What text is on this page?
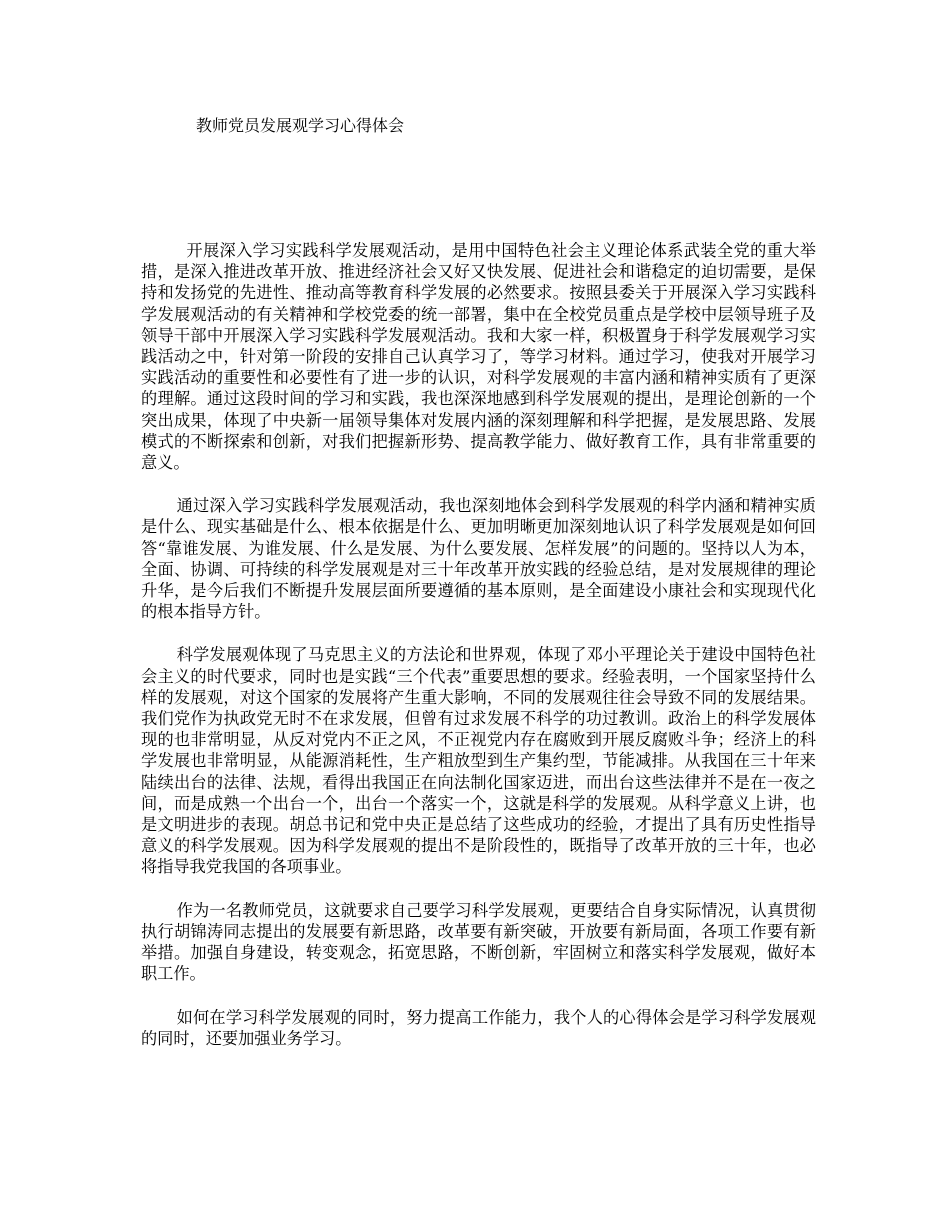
教师党员发展观学习心得体会

开展深入学习实践科学发展观活动，是用中国特色社会主义理论体系武装全党的重大举措，是深入推进改革开放、推进经济社会又好又快发展、促进社会和谐稳定的迫切需要，是保持和发扬党的先进性、推动高等教育科学发展的必然要求。按照县委关于开展深入学习实践科学发展观活动的有关精神和学校党委的统一部署，集中在全校党员重点是学校中层领导班子及领导干部中开展深入学习实践科学发展观活动。我和大家一样，积极置身于科学发展观学习实践活动之中，针对第一阶段的安排自己认真学习了，等学习材料。通过学习，使我对开展学习实践活动的重要性和必要性有了进一步的认识，对科学发展观的丰富内涵和精神实质有了更深的理解。通过这段时间的学习和实践，我也深深地感到科学发展观的提出，是理论创新的一个突出成果，体现了中央新一届领导集体对发展内涵的深刻理解和科学把握，是发展思路、发展模式的不断探索和创新，对我们把握新形势、提高教学能力、做好教育工作，具有非常重要的意义。

通过深入学习实践科学发展观活动，我也深刻地体会到科学发展观的科学内涵和精神实质是什么、现实基础是什么、根本依据是什么、更加明晰更加深刻地认识了科学发展观是如何回答“靠谁发展、为谁发展、什么是发展、为什么要发展、怎样发展”的问题的。坚持以人为本，全面、协调、可持续的科学发展观是对三十年改革开放实践的经验总结，是对发展规律的理论升华，是今后我们不断提升发展层面所要遵循的基本原则，是全面建设小康社会和实现现代化的根本指导方针。

科学发展观体现了马克思主义的方法论和世界观，体现了邓小平理论关于建设中国特色社会主义的时代要求，同时也是实践“三个代表”重要思想的要求。经验表明，一个国家坚持什么样的发展观，对这个国家的发展将产生重大影响，不同的发展观往往会导致不同的发展结果。我们党作为执政党无时不在求发展，但曾有过求发展不科学的功过教训。政治上的科学发展体现的也非常明显，从反对党内不正之风，不正视党内存在腐败到开展反腐败斗争；经济上的科学发展也非常明显，从能源消耗性，生产粗放型到生产集约型，节能减排。从我国在三十年来陆续出台的法律、法规，看得出我国正在向法制化国家迈进，而出台这些法律并不是在一夜之间，而是成熟一个出台一个，出台一个落实一个，这就是科学的发展观。从科学意义上讲，也是文明进步的表现。胡总书记和党中央正是总结了这些成功的经验，才提出了具有历史性指导意义的科学发展观。因为科学发展观的提出不是阶段性的，既指导了改革开放的三十年，也必将指导我党我国的各项事业。

作为一名教师党员，这就要求自己要学习科学发展观，更要结合自身实际情况，认真贯彻执行胡锦涛同志提出的发展要有新思路，改革要有新突破，开放要有新局面，各项工作要有新举措。加强自身建设，转变观念，拓宽思路，不断创新，牢固树立和落实科学发展观，做好本职工作。

如何在学习科学发展观的同时，努力提高工作能力，我个人的心得体会是学习科学发展观的同时，还要加强业务学习。
